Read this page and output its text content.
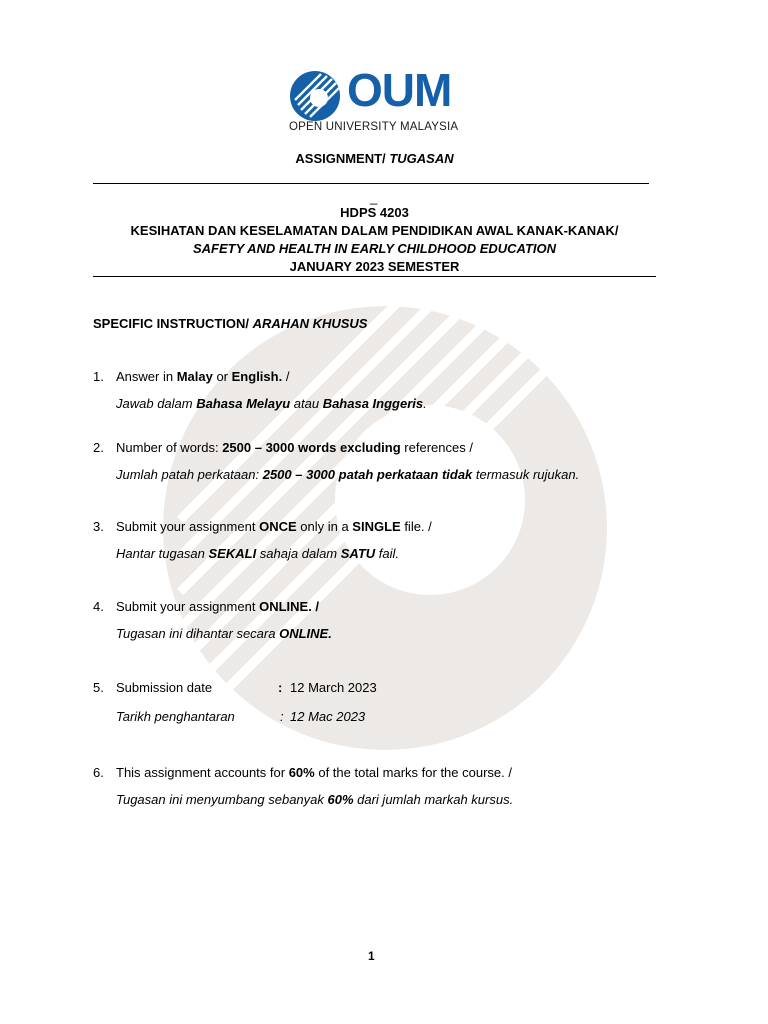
OUM
OPEN UNIVERSITY MALAYSIA
ASSIGNMENT/ TUGASAN
_
HDPS 4203
KESIHATAN DAN KESELAMATAN DALAM PENDIDIKAN AWAL KANAK-KANAK/
SAFETY AND HEALTH IN EARLY CHILDHOOD EDUCATION
JANUARY 2023 SEMESTER
SPECIFIC INSTRUCTION/ ARAHAN KHUSUS
1. Answer in Malay or English. /
Jawab dalam Bahasa Melayu atau Bahasa Inggeris.
2. Number of words: 2500 – 3000 words excluding references /
Jumlah patah perkataan: 2500 – 3000 patah perkataan tidak termasuk rujukan.
3. Submit your assignment ONCE only in a SINGLE file. /
Hantar tugasan SEKALI sahaja dalam SATU fail.
4. Submit your assignment ONLINE. /
Tugasan ini dihantar secara ONLINE.
5. Submission date	: 12 March 2023
Tarikh penghantaran	: 12 Mac 2023
6. This assignment accounts for 60% of the total marks for the course. /
Tugasan ini menyumbang sebanyak 60% dari jumlah markah kursus.
1
